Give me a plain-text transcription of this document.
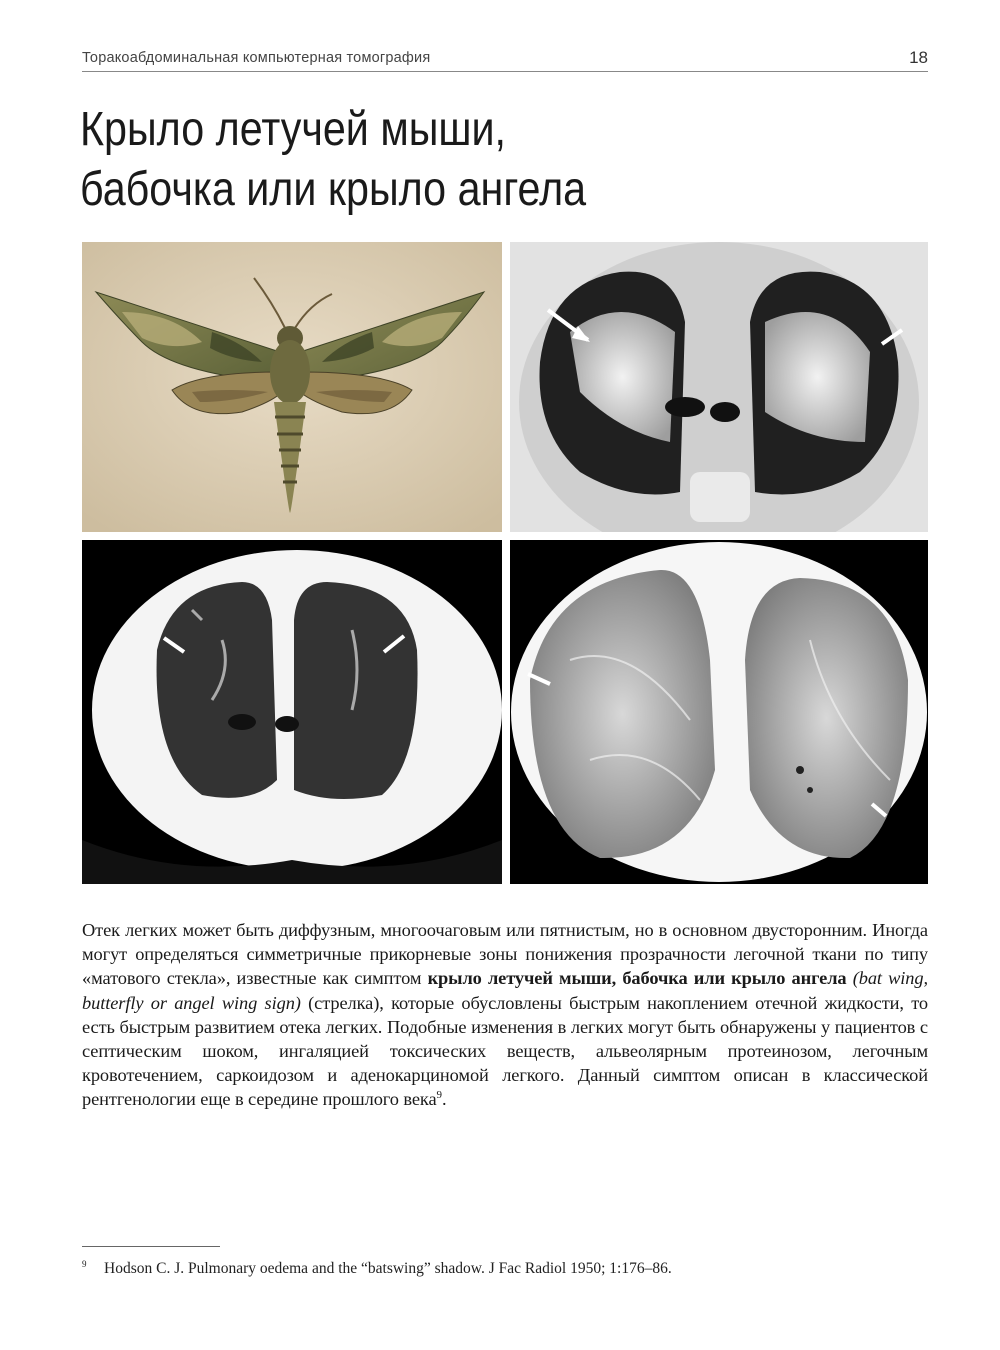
Торакоабдоминальная компьютерная томография	18
Крыло летучей мыши,
бабочка или крыло ангела
Отек легких может быть диффузным, многоочаговым или пятнистым, но в основном двусторонним. Иногда могут определяться симметричные прикорневые зоны понижения прозрачности легочной ткани по типу «матового стекла», известные как симптом крыло летучей мыши, бабочка или крыло ангела (bat wing, butterfly or angel wing sign) (стрелка), которые обусловлены быстрым накоплением отечной жидкости, то есть быстрым развитием отека легких. Подобные изменения в легких могут быть обнаружены у пациентов с септическим шоком, ингаляцией токсических веществ, альвеолярным протеинозом, легочным кровотечением, саркоидозом и аденокарциномой легкого. Данный симптом описан в классической рентгенологии еще в середине прошлого века$^9$.
9 Hodson C. J. Pulmonary oedema and the “batswing” shadow. J Fac Radiol 1950; 1:176–86.
